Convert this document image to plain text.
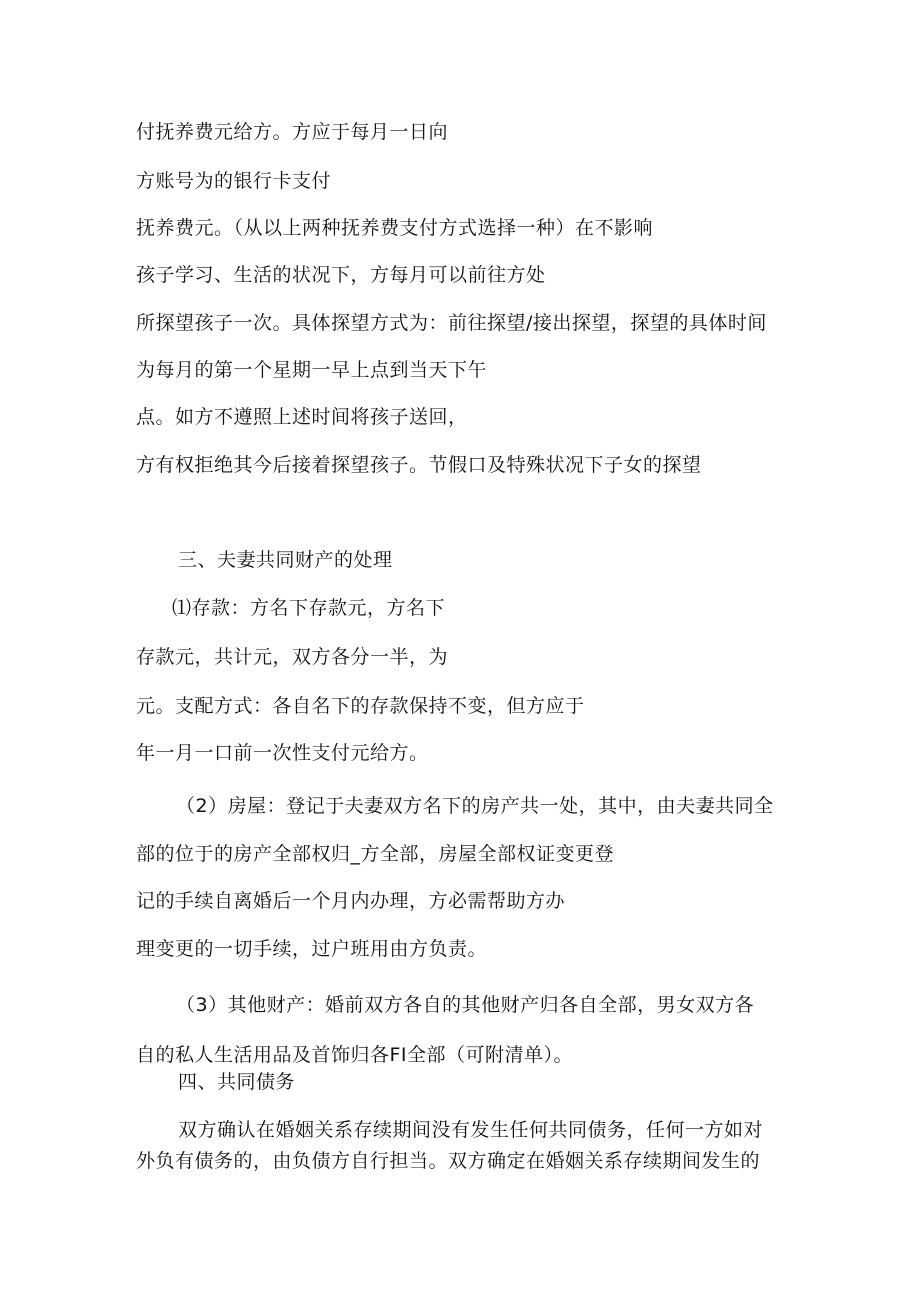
付抚养费元给方。方应于每月一日向
方账号为的银行卡支付
抚养费元。（从以上两种抚养费支付方式选择一种）在不影响
孩子学习、生活的状况下，方每月可以前往方处
所探望孩子一次。具体探望方式为：前往探望/接出探望，探望的具体时间
为每月的第一个星期一早上点到当天下午
点。如方不遵照上述时间将孩子送回，
方有权拒绝其今后接着探望孩子。节假口及特殊状况下子女的探望
三、夫妻共同财产的处理
⑴存款：方名下存款元，方名下
存款元，共计元，双方各分一半，为
元。支配方式：各自名下的存款保持不变，但方应于
年一月一口前一次性支付元给方。
（2）房屋：登记于夫妻双方名下的房产共一处，其中，由夫妻共同全
部的位于的房产全部权归_方全部，房屋全部权证变更登
记的手续自离婚后一个月内办理，方必需帮助方办
理变更的一切手续，过户班用由方负责。
（3）其他财产：婚前双方各自的其他财产归各自全部，男女双方各
自的私人生活用品及首饰归各FI全部（可附清单）。
四、共同债务
双方确认在婚姻关系存续期间没有发生任何共同债务，任何一方如对
外负有债务的，由负债方自行担当。双方确定在婚姻关系存续期间发生的
